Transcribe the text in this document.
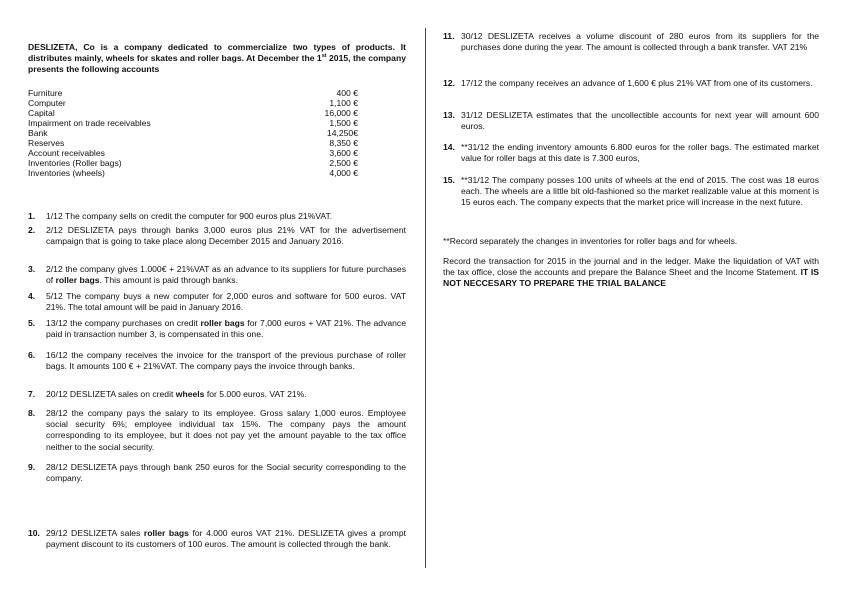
DESLIZETA, Co is a company dedicated to commercialize two types of products. It distributes mainly, wheels for skates and roller bags. At December the 1st 2015, the company presents the following accounts
Furniture	400 €
Computer	1,100 €
Capital	16,000 €
Impairment on trade receivables	1,500 €
Bank	14,250€
Reserves	8,350 €
Account receivables	3,600 €
Inventories (Roller bags)	2,500 €
Inventories (wheels)	4,000 €
1.	1/12 The company sells on credit the computer for 900 euros plus 21%VAT.
2.	2/12 DESLIZETA pays through banks 3,000 euros plus 21% VAT for the advertisement campaign that is going to take place along December 2015 and January 2016.
3.	2/12 the company gives 1.000€ + 21%VAT as an advance to its suppliers for future purchases of roller bags. This amount is paid through banks.
4.	5/12 The company buys a new computer for 2,000 euros and software for 500 euros. VAT 21%. The total amount will be paid in January 2016.
5.	13/12 the company purchases on credit roller bags for 7,000 euros + VAT 21%. The advance paid in transaction number 3, is compensated in this one.
6.	16/12 the company receives the invoice for the transport of the previous purchase of roller bags. It amounts 100 € + 21%VAT. The company pays the invoice through banks.
7.	20/12 DESLIZETA sales on credit wheels for 5.000 euros. VAT 21%.
8.	28/12 the company pays the salary to its employee. Gross salary 1,000 euros. Employee social security 6%; employee individual tax 15%. The company pays the amount corresponding to its employee, but it does not pay yet the amount payable to the tax office neither to the social security.
9.	28/12 DESLIZETA pays through bank 250 euros for the Social security corresponding to the company.
10. 29/12 DESLIZETA sales roller bags for 4.000 euros VAT 21%. DESLIZETA gives a prompt payment discount to its customers of 100 euros. The amount is collected through the bank.
11. 30/12 DESLIZETA receives a volume discount of 280 euros from its suppliers for the purchases done during the year. The amount is collected through a bank transfer. VAT 21%
12. 17/12 the company receives an advance of 1,600 € plus 21% VAT from one of its customers.
13. 31/12 DESLIZETA estimates that the uncollectible accounts for next year will amount 600 euros.
14. **31/12 the ending inventory amounts 6.800 euros for the roller bags. The estimated market value for roller bags at this date is 7.300 euros,
15. **31/12 The company posses 100 units of wheels at the end of 2015. The cost was 18 euros each. The wheels are a little bit old-fashioned so the market realizable value at this moment is 15 euros each. The company expects that the market price will increase in the next future.
**Record separately the changes in inventories for roller bags and for wheels.
Record the transaction for 2015 in the journal and in the ledger. Make the liquidation of VAT with the tax office, close the accounts and prepare the Balance Sheet and the Income Statement. IT IS NOT NECCESARY TO PREPARE THE TRIAL BALANCE
